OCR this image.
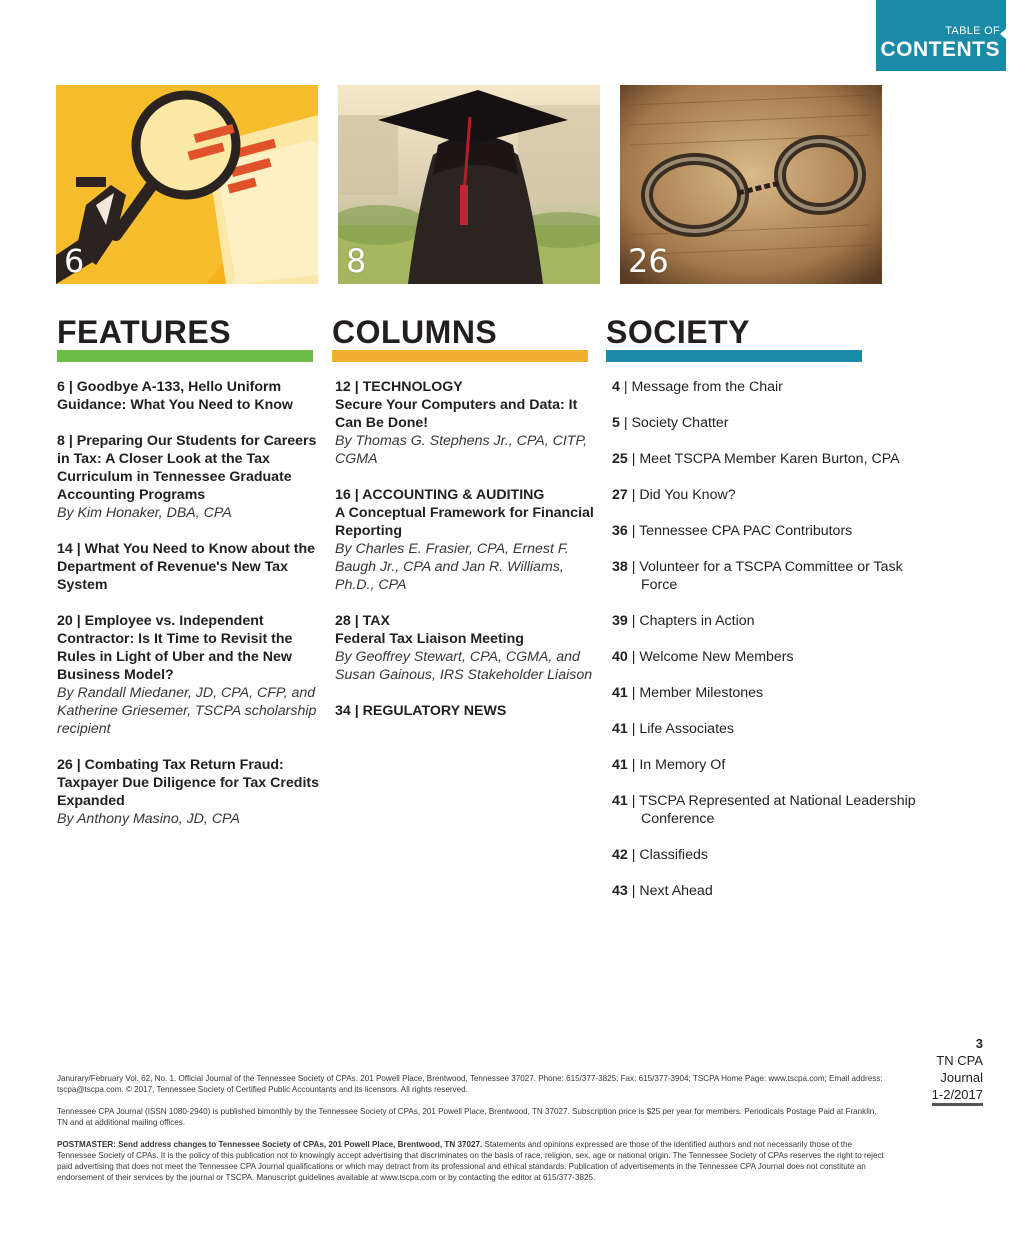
TABLE OF
CONTENTS
6	8	26
FEATURES	COLUMNS	SOCIETY
6 | Goodbye A-133, Hello Uniform Guidance: What You Need to Know
8 | Preparing Our Students for Careers in Tax: A Closer Look at the Tax Curriculum in Tennessee Graduate Accounting Programs
By Kim Honaker, DBA, CPA
14 | What You Need to Know about the Department of Revenue's New Tax System
20 | Employee vs. Independent Contractor: Is It Time to Revisit the Rules in Light of Uber and the New Business Model?
By Randall Miedaner, JD, CPA, CFP, and Katherine Griesemer, TSCPA scholarship recipient
26 | Combating Tax Return Fraud: Taxpayer Due Diligence for Tax Credits Expanded
By Anthony Masino, JD, CPA
12 | TECHNOLOGY
Secure Your Computers and Data: It Can Be Done!
By Thomas G. Stephens Jr., CPA, CITP, CGMA
16 | ACCOUNTING & AUDITING
A Conceptual Framework for Financial Reporting
By Charles E. Frasier, CPA, Ernest F. Baugh Jr., CPA and Jan R. Williams, Ph.D., CPA
28 | TAX
Federal Tax Liaison Meeting
By Geoffrey Stewart, CPA, CGMA, and Susan Gainous, IRS Stakeholder Liaison
34 | REGULATORY NEWS
4 | Message from the Chair
5 | Society Chatter
25 | Meet TSCPA Member Karen Burton, CPA
27 | Did You Know?
36 | Tennessee CPA PAC Contributors
38 | Volunteer for a TSCPA Committee or Task
Force
39 | Chapters in Action
40 | Welcome New Members
41 | Member Milestones
41 | Life Associates
41 | In Memory Of
41 | TSCPA Represented at National Leadership
Conference
42 | Classifieds
43 | Next Ahead
3
TN CPA
Journal
1-2/2017

Janurary/February Vol. 62, No. 1. Official Journal of the Tennessee Society of CPAs. 201 Powell Place, Brentwood, Tennessee 37027. Phone: 615/377-3825; Fax: 615/377-3904; TSCPA Home Page: www.tscpa.com; Email address: tscpa@tscpa.com. © 2017, Tennessee Society of Certified Public Accountants and its licensors. All rights reserved.

Tennessee CPA Journal (ISSN 1080-2940) is published bimonthly by the Tennessee Society of CPAs, 201 Powell Place, Brentwood, TN 37027. Subscription price is $25 per year for members. Periodicals Postage Paid at Franklin, TN and at additional mailing offices.

POSTMASTER: Send address changes to Tennessee Society of CPAs, 201 Powell Place, Brentwood, TN 37027. Statements and opinions expressed are those of the identified authors and not necessarily those of the Tennessee Society of CPAs. It is the policy of this publication not to knowingly accept advertising that discriminates on the basis of race, religion, sex, age or national origin. The Tennessee Society of CPAs reserves the right to reject paid advertising that does not meet the Tennessee CPA Journal qualifications or which may detract from its professional and ethical standards. Publication of advertisements in the Tennessee CPA Journal does not constitute an endorsement of their services by the journal or TSCPA. Manuscript guidelines available at www.tscpa.com or by contacting the editor at 615/377-3825.
